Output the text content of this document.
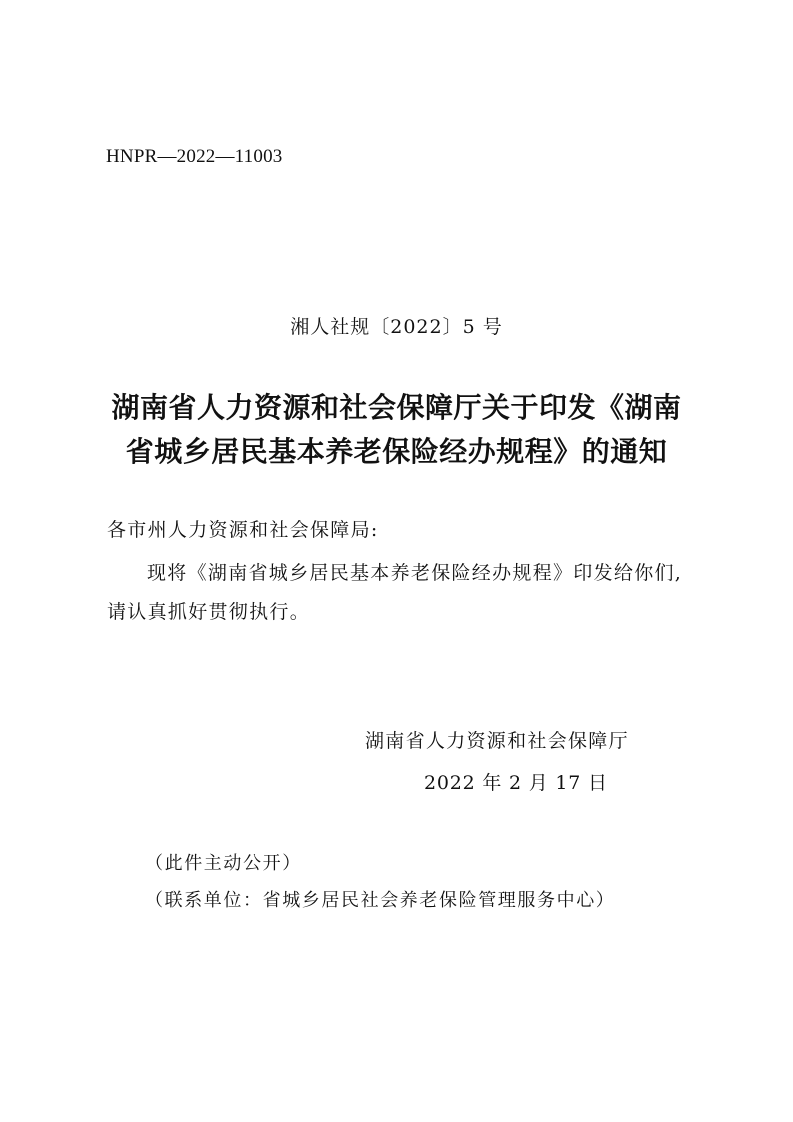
HNPR—2022—11003
湘人社规〔2022〕5 号
湖南省人力资源和社会保障厅关于印发《湖南
省城乡居民基本养老保险经办规程》的通知
各市州人力资源和社会保障局:
现将《湖南省城乡居民基本养老保险经办规程》印发给你们,
请认真抓好贯彻执行。
湖南省人力资源和社会保障厅
2022 年 2 月 17 日
（此件主动公开）
（联系单位：省城乡居民社会养老保险管理服务中心）
